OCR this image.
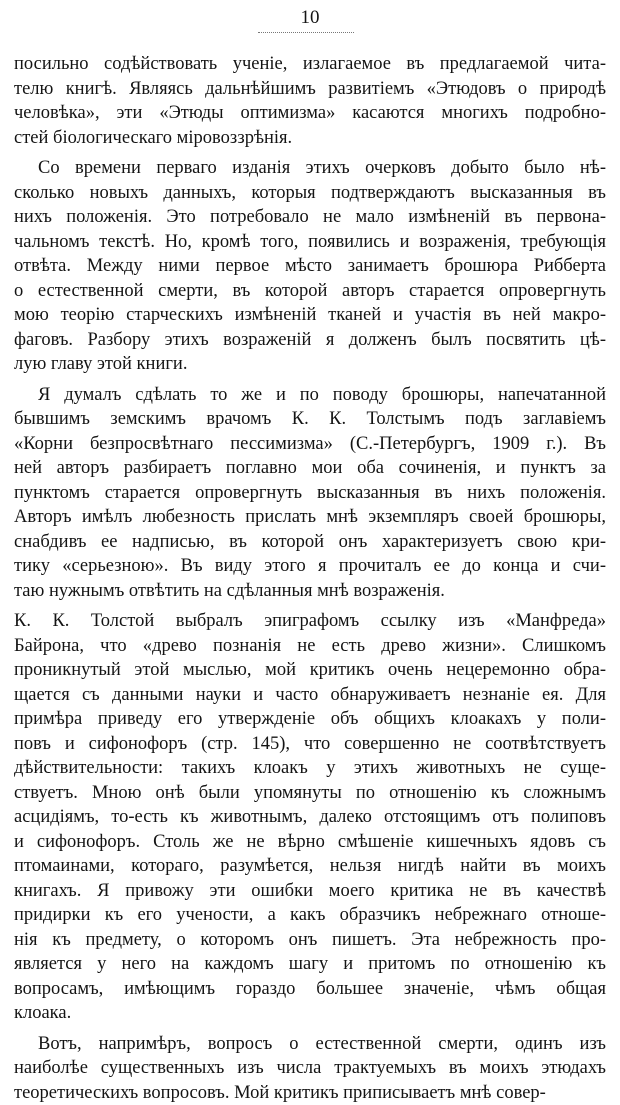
10
посильно содѣйствовать ученіе, излагаемое въ предлагаемой чита-
телю книгѣ. Являясь дальнѣйшимъ развитіемъ «Этюдовъ о природѣ
человѣка», эти «Этюды оптимизма» касаются многихъ подробно-
стей біологическаго міровоззрѣнія.
Со времени перваго изданія этихъ очерковъ добыто было нѣ-
сколько новыхъ данныхъ, которыя подтверждаютъ высказанныя въ
нихъ положенія. Это потребовало не мало измѣненій въ первона-
чальномъ текстѣ. Но, кромѣ того, появились и возраженія, требующія
отвѣта. Между ними первое мѣсто занимаетъ брошюра Риббертa
о естественной смерти, въ которой авторъ старается опровергнуть
мою теорію старческихъ измѣненій тканей и участія въ ней макро-
фаговъ. Разбору этихъ возраженій я долженъ былъ посвятить цѣ-
лую главу этой книги.
Я думалъ сдѣлать то же и по поводу брошюры, напечатанной
бывшимъ земскимъ врачомъ К. К. Толстымъ подъ заглавіемъ
«Корни безпросвѣтнаго пессимизма» (С.-Петербургъ, 1909 г.). Въ
ней авторъ разбираетъ поглавно мои оба сочиненія, и пунктъ за
пунктомъ старается опровергнуть высказанныя въ нихъ положенія.
Авторъ имѣлъ любезность прислать мнѣ экземпляръ своей брошюры,
снабдивъ ее надписью, въ которой онъ характеризуетъ свою кри-
тику «серьезною». Въ виду этого я прочиталъ ее до конца и счи-
таю нужнымъ отвѣтить на сдѣланныя мнѣ возраженія.
К. К. Толстой выбралъ эпиграфомъ ссылку изъ «Манфреда»
Байрона, что «древо познанія не есть древо жизни». Слишкомъ
проникнутый этой мыслью, мой критикъ очень нецеремонно обра-
щается съ данными науки и часто обнаруживаетъ незнаніе ея. Для
примѣра приведу его утвержденіе объ общихъ клоакахъ у поли-
повъ и сифонофоръ (стр. 145), что совершенно не соотвѣтствуетъ
дѣйствительности: такихъ клоакъ у этихъ животныхъ не суще-
ствуетъ. Мною онѣ были упомянуты по отношенію къ сложнымъ
асцидіямъ, то-есть къ животнымъ, далеко отстоящимъ отъ полиповъ
и сифонофоръ. Столь же не вѣрно смѣшеніе кишечныхъ ядовъ съ
птомаинами, котораго, разумѣется, нельзя нигдѣ найти въ моихъ
книгахъ. Я привожу эти ошибки моего критика не въ качествѣ
придирки къ его учености, а какъ образчикъ небрежнаго отноше-
нія къ предмету, о которомъ онъ пишетъ. Эта небрежность про-
является у него на каждомъ шагу и притомъ по отношенію къ
вопросамъ, имѣющимъ гораздо большее значеніе, чѣмъ общая
клоака.
Вотъ, напримѣръ, вопросъ о естественной смерти, одинъ изъ
наиболѣе существенныхъ изъ числа трактуемыхъ въ моихъ этюдахъ
теоретическихъ вопросовъ. Мой критикъ приписываетъ мнѣ совер-
